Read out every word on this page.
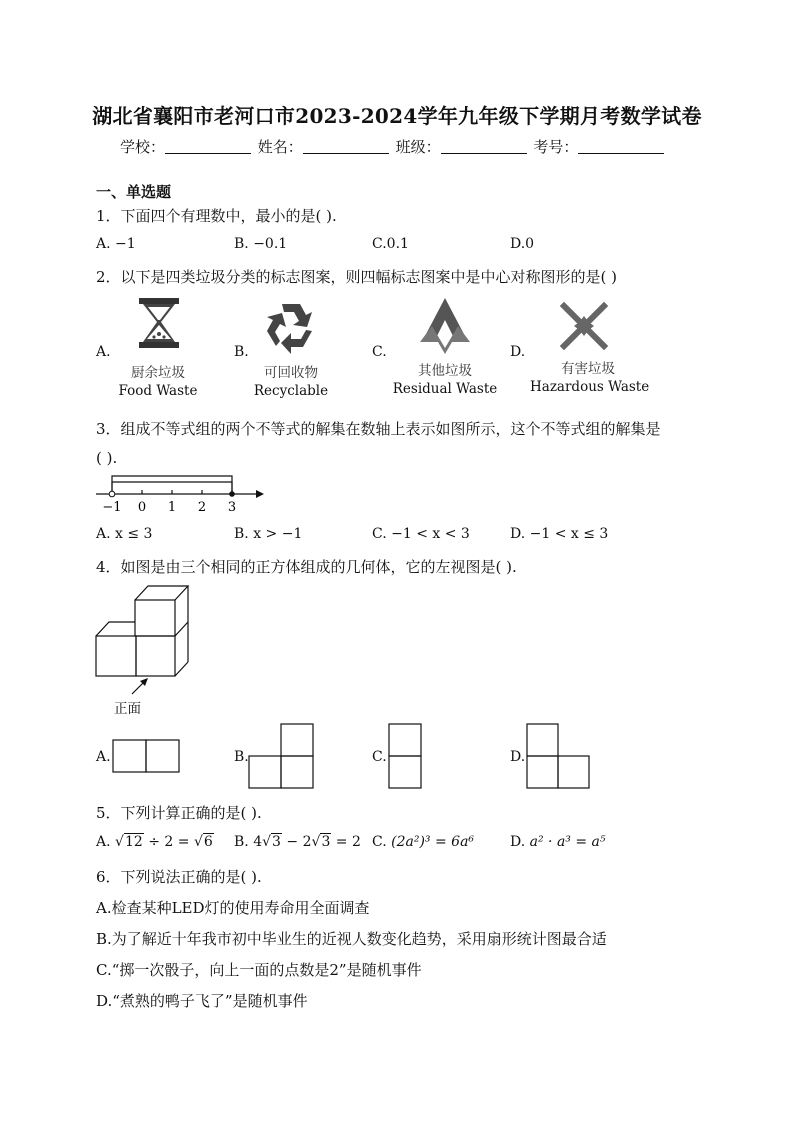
湖北省襄阳市老河口市2023-2024学年九年级下学期月考数学试卷
学校：	姓名：	班级：	考号：
一、单选题
1．下面四个有理数中，最小的是( ).
A. −1	B. −0.1	C.0.1	D.0
2．以下是四类垃圾分类的标志图案，则四幅标志图案中是中心对称图形的是( )
A.	B.	C.	D.
厨余垃圾
Food Waste
可回收物
Recyclable
其他垃圾
Residual Waste
有害垃圾
Hazardous Waste
3．组成不等式组的两个不等式的解集在数轴上表示如图所示，这个不等式组的解集是
( ).
−1 0 1 2 3
A. x ≤ 3	B. x > −1	C. −1 < x < 3	D. −1 < x ≤ 3
4．如图是由三个相同的正方体组成的几何体，它的左视图是( ).
正面
A.	B.	C.	D.
5．下列计算正确的是( ).
A. √12 ÷ 2 = √6 B. 4√3 − 2√3 = 2 C. (2a²)³ = 6a⁶	D. a² · a³ = a⁵
6．下列说法正确的是( ).
A.检查某种LED灯的使用寿命用全面调查
B.为了解近十年我市初中毕业生的近视人数变化趋势，采用扇形统计图最合适
C.“掷一次骰子，向上一面的点数是2”是随机事件
D.“煮熟的鸭子飞了”是随机事件
